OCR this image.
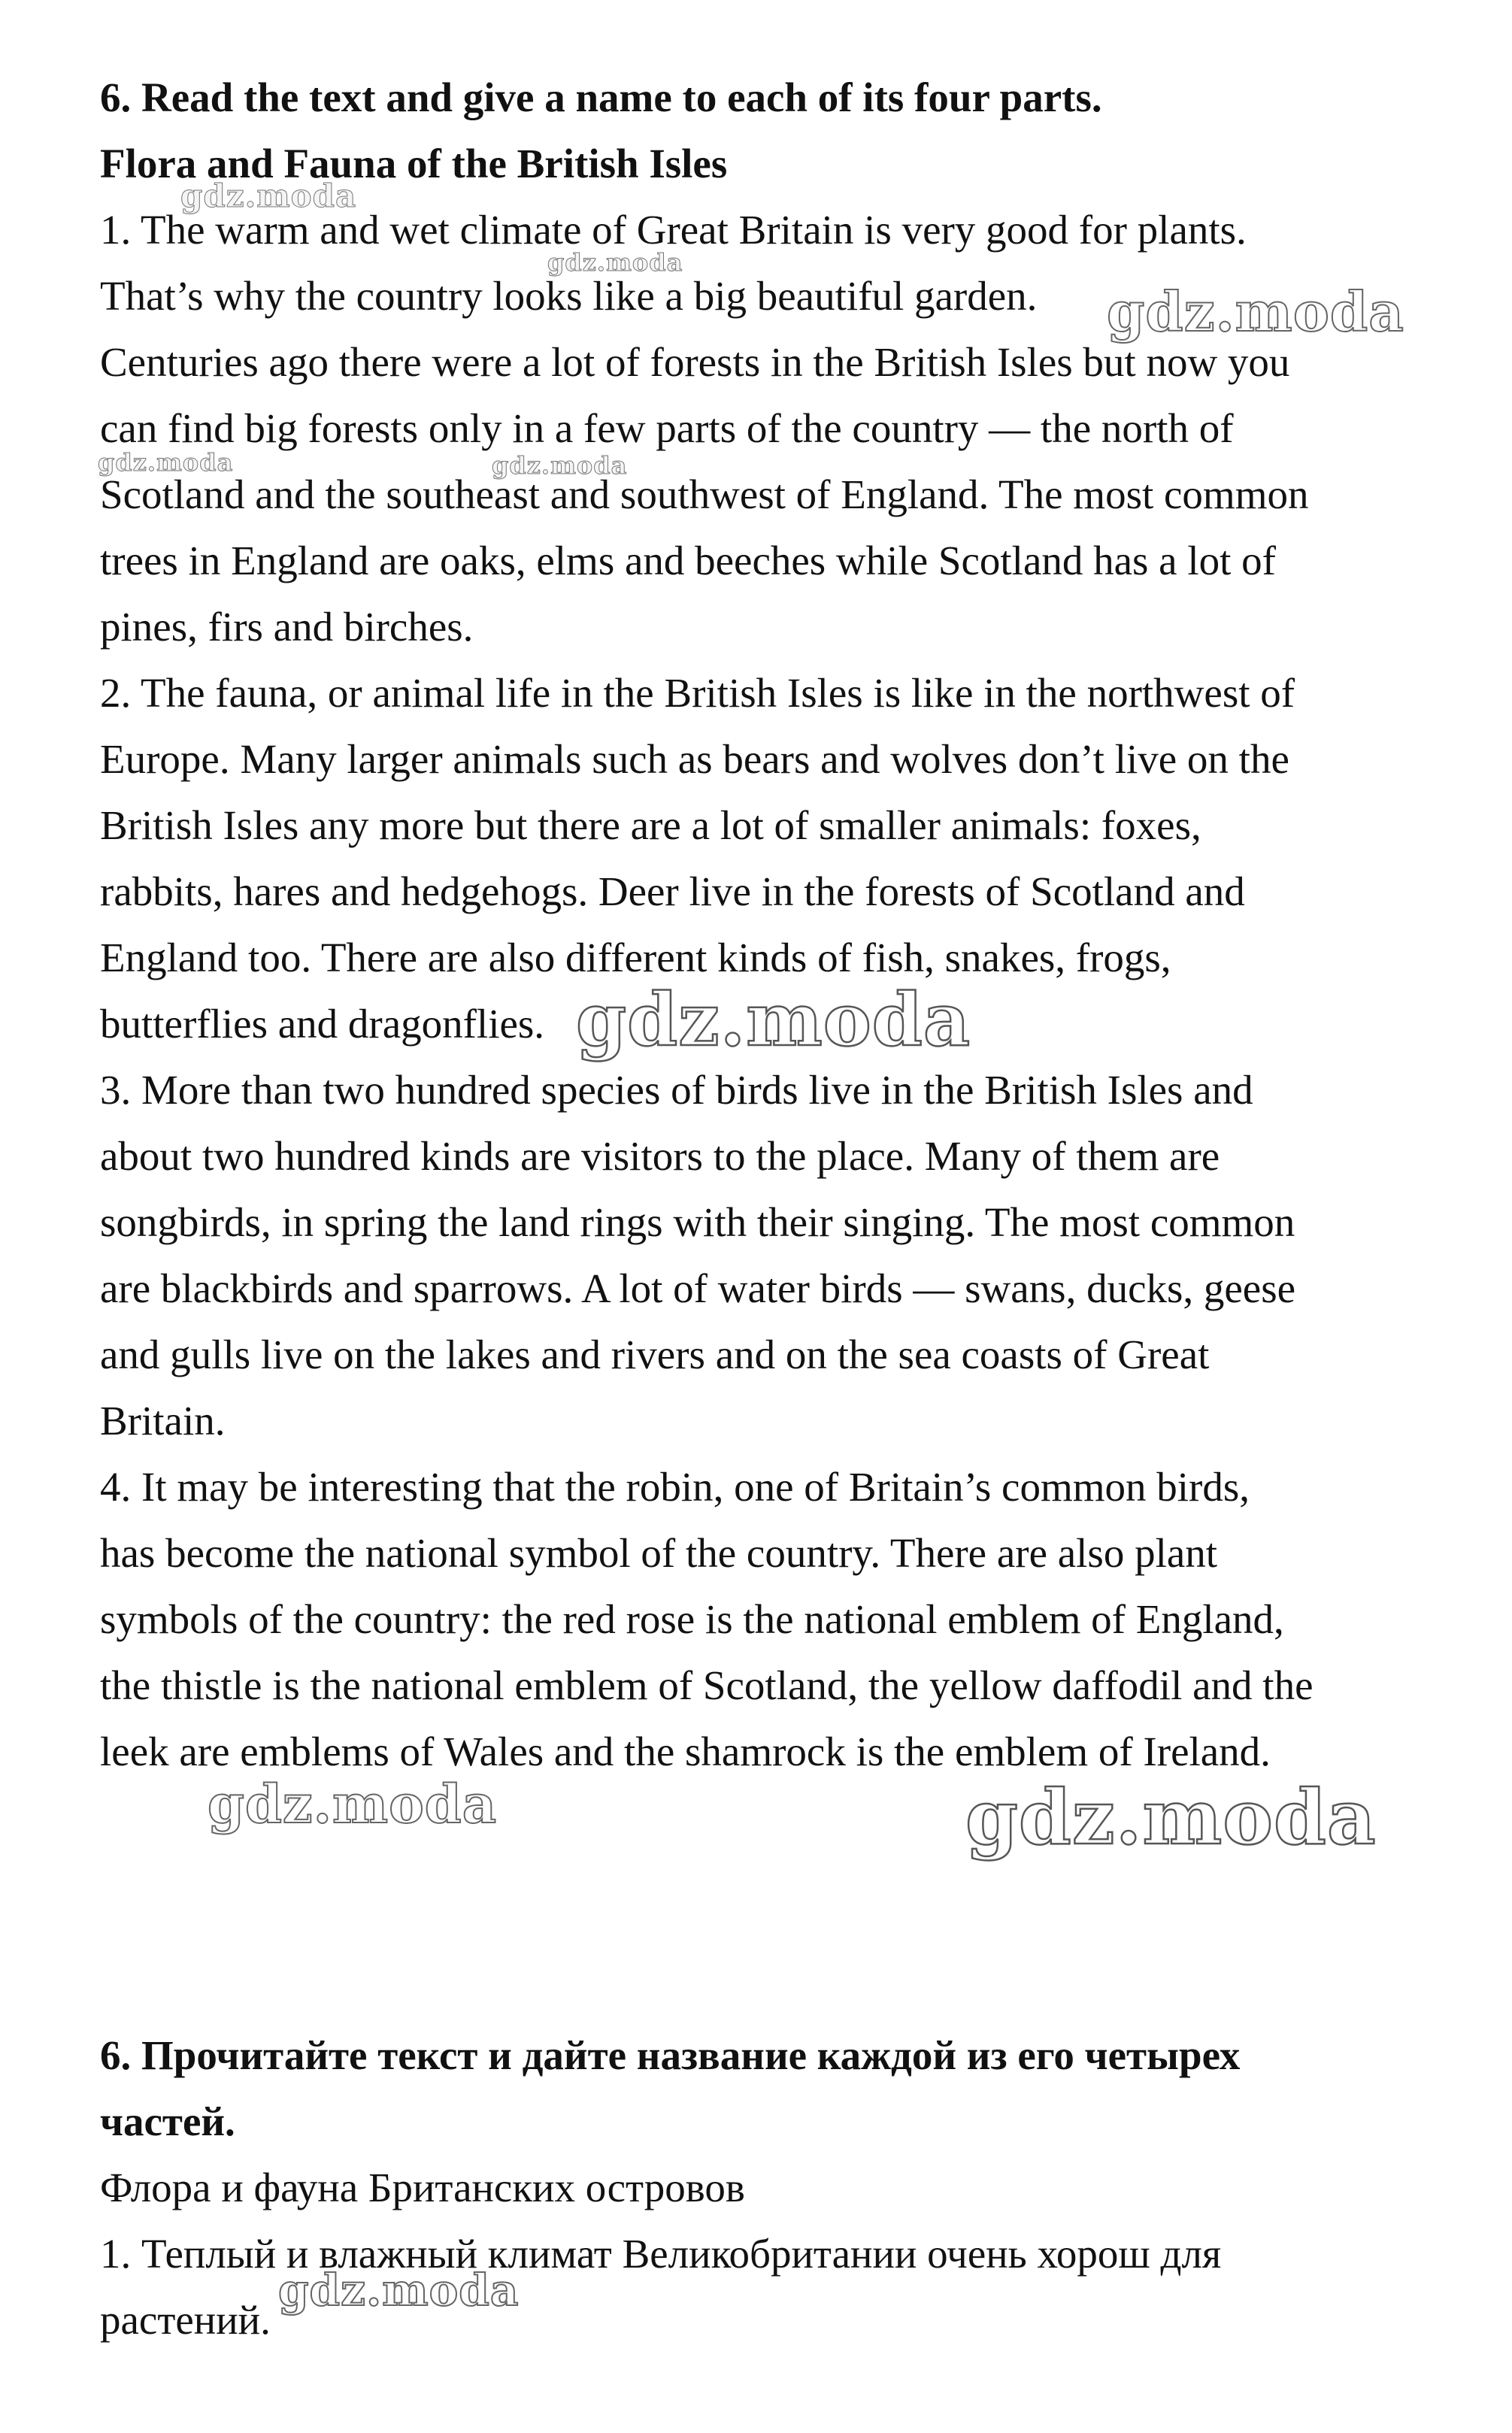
6. Read the text and give a name to each of its four parts.
Flora and Fauna of the British Isles
1. The warm and wet climate of Great Britain is very good for plants.
That’s why the country looks like a big beautiful garden.
Centuries ago there were a lot of forests in the British Isles but now you
can find big forests only in a few parts of the country — the north of
Scotland and the southeast and southwest of England. The most common
trees in England are oaks, elms and beeches while Scotland has a lot of
pines, firs and birches.
2. The fauna, or animal life in the British Isles is like in the northwest of
Europe. Many larger animals such as bears and wolves don’t live on the
British Isles any more but there are a lot of smaller animals: foxes,
rabbits, hares and hedgehogs. Deer live in the forests of Scotland and
England too. There are also different kinds of fish, snakes, frogs,
butterflies and dragonflies.
3. More than two hundred species of birds live in the British Isles and
about two hundred kinds are visitors to the place. Many of them are
songbirds, in spring the land rings with their singing. The most common
are blackbirds and sparrows. A lot of water birds — swans, ducks, geese
and gulls live on the lakes and rivers and on the sea coasts of Great
Britain.
4. It may be interesting that the robin, one of Britain’s common birds,
has become the national symbol of the country. There are also plant
symbols of the country: the red rose is the national emblem of England,
the thistle is the national emblem of Scotland, the yellow daffodil and the
leek are emblems of Wales and the shamrock is the emblem of Ireland.
6. Прочитайте текст и дайте название каждой из его четырех
частей.
Флора и фауна Британских островов
1. Теплый и влажный климат Великобритании очень хорош для
растений.
gdz.moda
gdz.moda
gdz.moda
gdz.moda	gdz.moda
gdz.moda
gdz.moda	gdz.moda
gdz.moda
